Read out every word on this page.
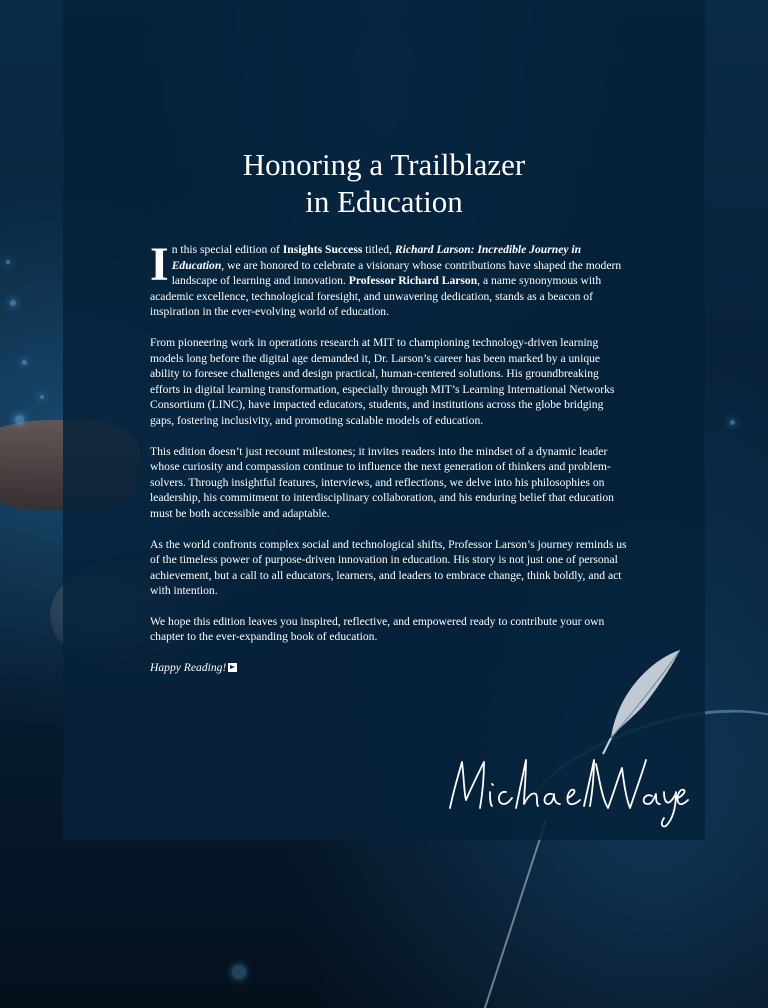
Honoring a Trailblazer
in Education

In this special edition of Insights Success titled, Richard Larson: Incredible Journey in Education, we are honored to celebrate a visionary whose contributions have shaped the modern landscape of learning and innovation. Professor Richard Larson, a name synonymous with academic excellence, technological foresight, and unwavering dedication, stands as a beacon of inspiration in the ever-evolving world of education.

From pioneering work in operations research at MIT to championing technology-driven learning models long before the digital age demanded it, Dr. Larson’s career has been marked by a unique ability to foresee challenges and design practical, human-centered solutions. His groundbreaking efforts in digital learning transformation, especially through MIT’s Learning International Networks Consortium (LINC), have impacted educators, students, and institutions across the globe bridging gaps, fostering inclusivity, and promoting scalable models of education.

This edition doesn’t just recount milestones; it invites readers into the mindset of a dynamic leader whose curiosity and compassion continue to influence the next generation of thinkers and problem-solvers. Through insightful features, interviews, and reflections, we delve into his philosophies on leadership, his commitment to interdisciplinary collaboration, and his enduring belief that education must be both accessible and adaptable.

As the world confronts complex social and technological shifts, Professor Larson’s journey reminds us of the timeless power of purpose-driven innovation in education. His story is not just one of personal achievement, but a call to all educators, learners, and leaders to embrace change, think boldly, and act with intention.

We hope this edition leaves you inspired, reflective, and empowered ready to contribute your own chapter to the ever-expanding book of education.

Happy Reading!

Michael Wayne
